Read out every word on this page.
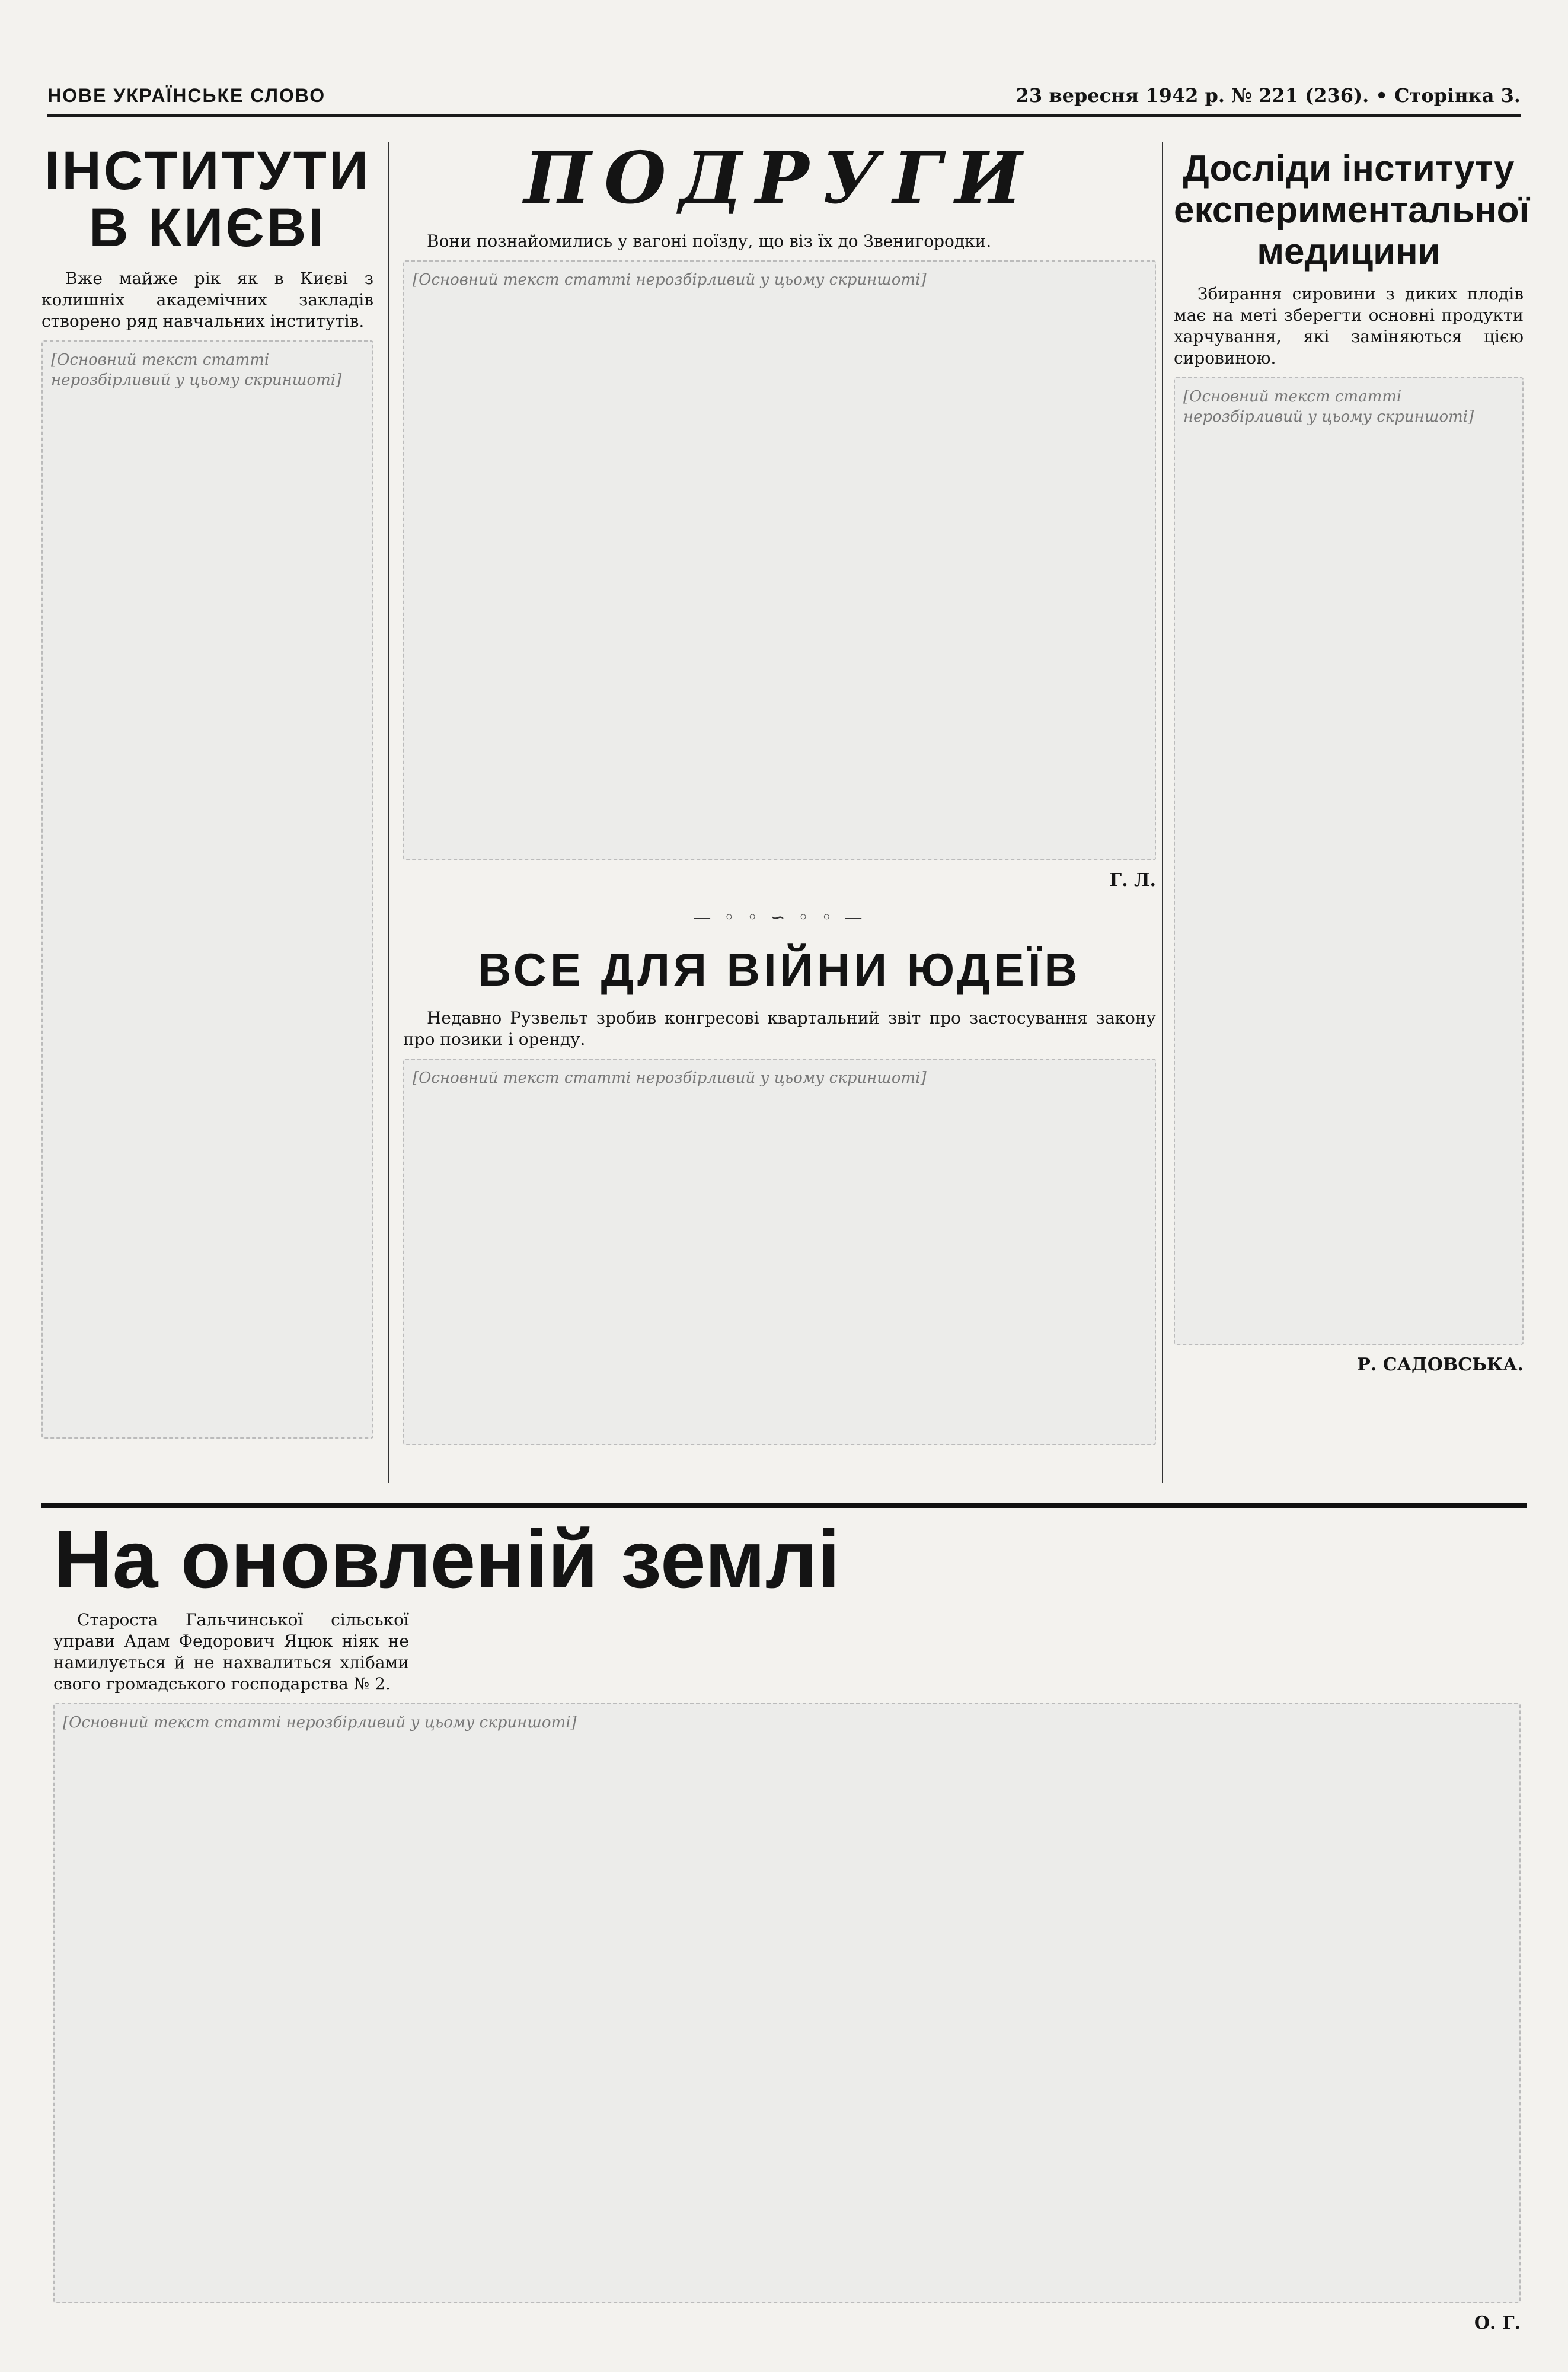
НОВЕ УКРАЇНСЬКЕ СЛОВО	23 вересня 1942 р. № 221 (236). • Сторінка 3.
ІНСТИТУТИ
В КИЄВІ

Вже майже рік як в Києві з колишніх академічних закладів створено ряд навчальних інститутів.

[Основний текст статті нерозбірливий у цьому скриншоті]
ПОДРУГИ

Вони познайомились у вагоні поїзду, що віз їх до Звенигородки.

[Основний текст статті нерозбірливий у цьому скриншоті]
Г. Л.
— ◦ ◦ ∽ ◦ ◦ —
ВСЕ ДЛЯ ВІЙНИ ЮДЕЇВ

Недавно Рузвельт зробив конгресові квартальний звіт про застосування закону про позики і оренду.

[Основний текст статті нерозбірливий у цьому скриншоті]
Досліди інституту
експериментальної
медицини

Збирання сировини з диких плодів має на меті зберегти основні продукти харчування, які заміняються цією сировиною.

[Основний текст статті нерозбірливий у цьому скриншоті]
Р. САДОВСЬКА.
На оновленій землі

Староста Гальчинської сільської управи Адам Федорович Яцюк ніяк не намилується й не нахвалиться хлібами свого громадського господарства № 2.

[Основний текст статті нерозбірливий у цьому скриншоті]
О. Г.
